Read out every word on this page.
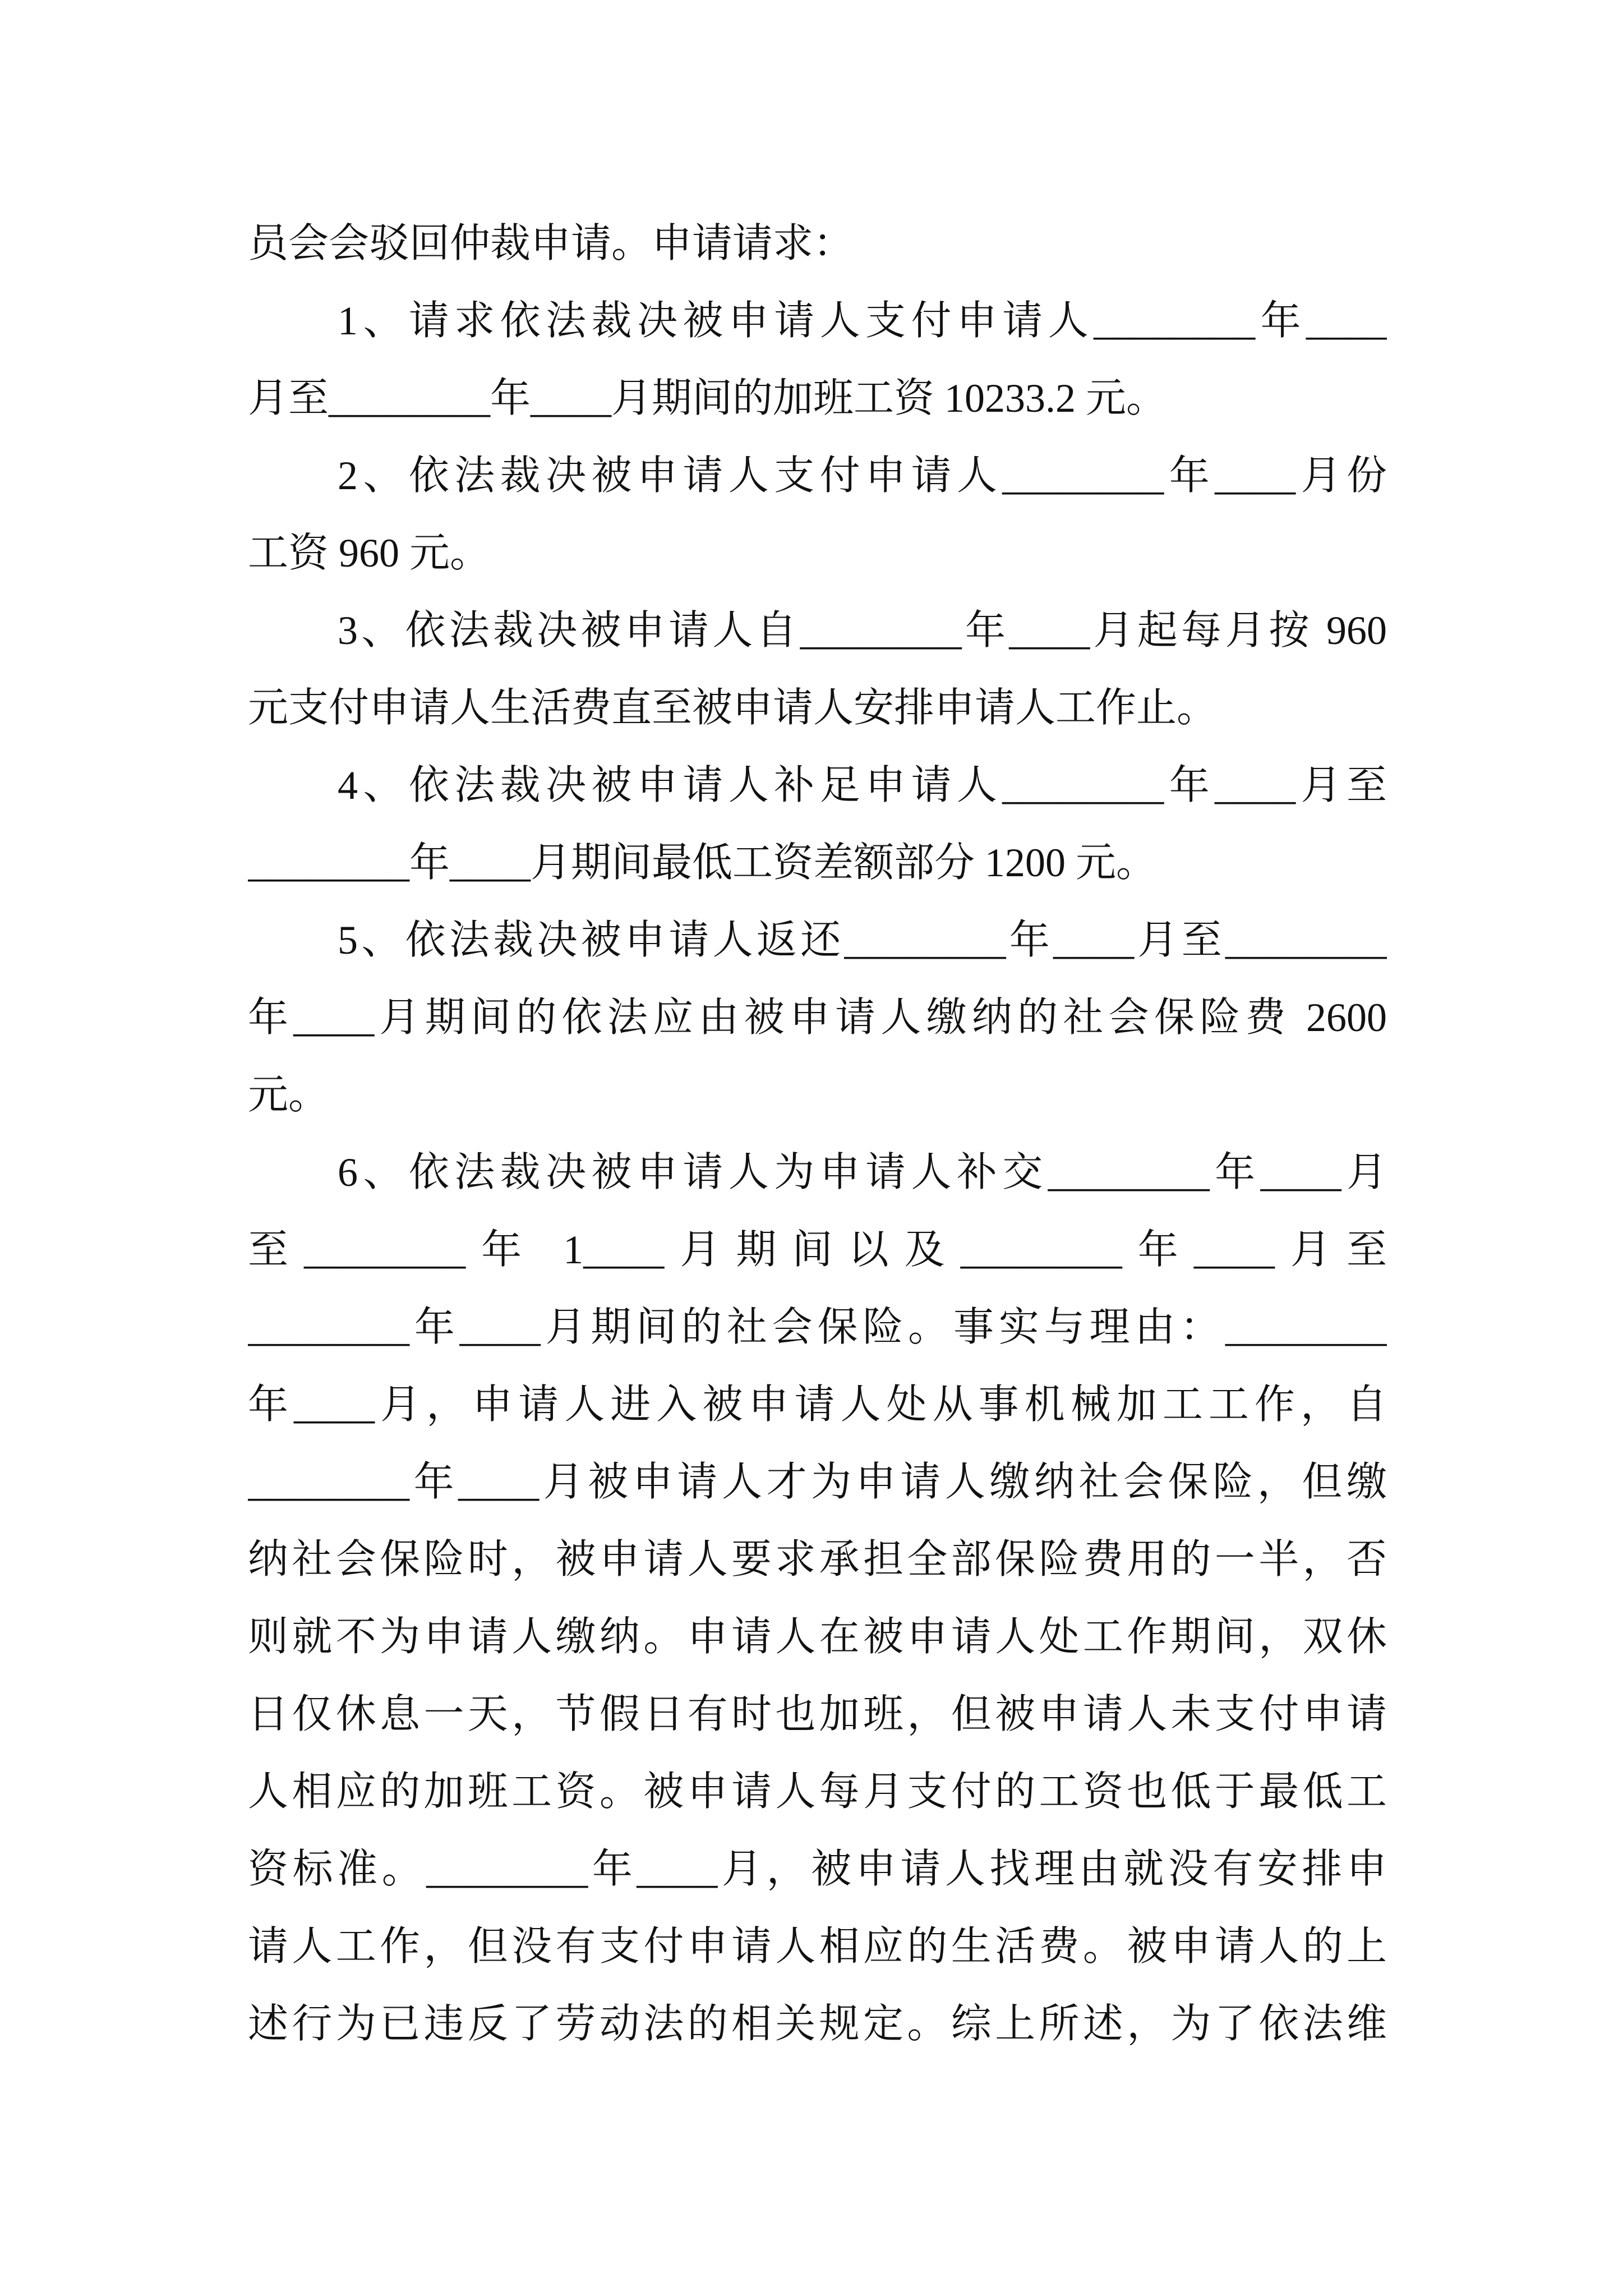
员会会驳回仲裁申请。申请请求：
1、请求依法裁决被申请人支付申请人________年____
月至________年____月期间的加班工资 10233.2 元。
2、依法裁决被申请人支付申请人________年____月份
工资 960 元。
3、依法裁决被申请人自________年____月起每月按 960
元支付申请人生活费直至被申请人安排申请人工作止。
4、依法裁决被申请人补足申请人________年____月至
________年____月期间最低工资差额部分 1200 元。
5、依法裁决被申请人返还________年____月至________
年____月期间的依法应由被申请人缴纳的社会保险费 2600
元。
6、依法裁决被申请人为申请人补交________年____月
至________年 1____月期间以及________年____月至
________年____月期间的社会保险。事实与理由：________
年____月，申请人进入被申请人处从事机械加工工作，自
________年____月被申请人才为申请人缴纳社会保险，但缴
纳社会保险时，被申请人要求承担全部保险费用的一半，否
则就不为申请人缴纳。申请人在被申请人处工作期间，双休
日仅休息一天，节假日有时也加班，但被申请人未支付申请
人相应的加班工资。被申请人每月支付的工资也低于最低工
资标准。________年____月，被申请人找理由就没有安排申
请人工作，但没有支付申请人相应的生活费。被申请人的上
述行为已违反了劳动法的相关规定。综上所述，为了依法维
